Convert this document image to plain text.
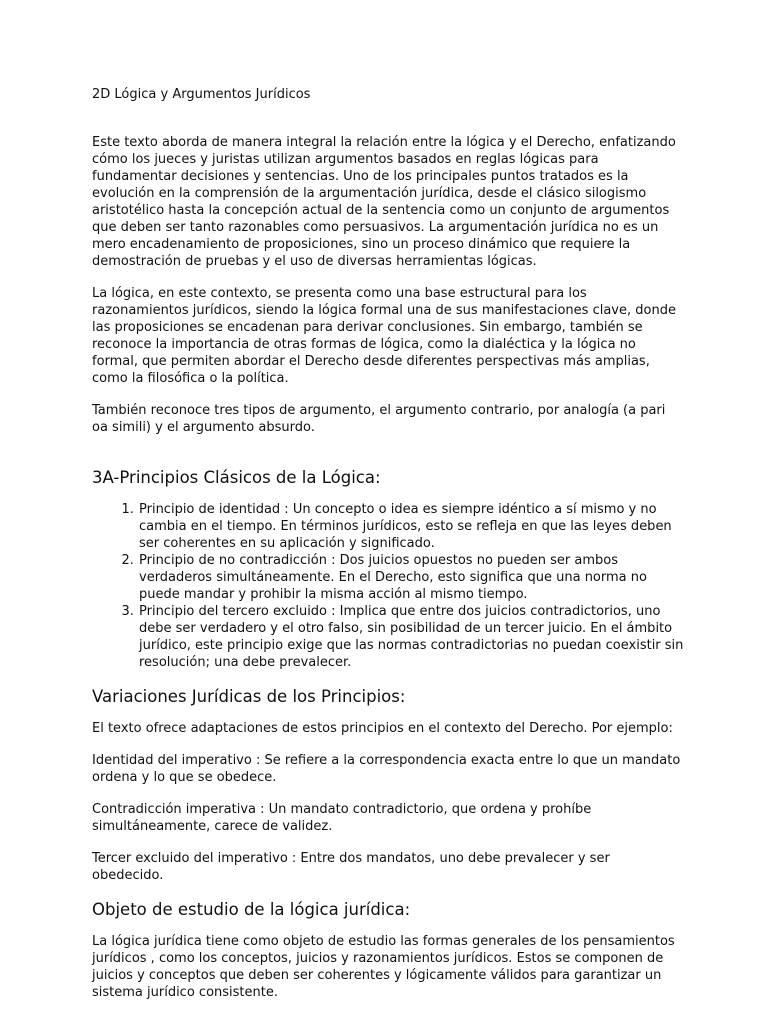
2D Lógica y Argumentos Jurídicos

Este texto aborda de manera integral la relación entre la lógica y el Derecho, enfatizando cómo los jueces y juristas utilizan argumentos basados en reglas lógicas para fundamentar decisiones y sentencias. Uno de los principales puntos tratados es la evolución en la comprensión de la argumentación jurídica, desde el clásico silogismo aristotélico hasta la concepción actual de la sentencia como un conjunto de argumentos que deben ser tanto razonables como persuasivos. La argumentación jurídica no es un mero encadenamiento de proposiciones, sino un proceso dinámico que requiere la demostración de pruebas y el uso de diversas herramientas lógicas.

La lógica, en este contexto, se presenta como una base estructural para los razonamientos jurídicos, siendo la lógica formal una de sus manifestaciones clave, donde las proposiciones se encadenan para derivar conclusiones. Sin embargo, también se reconoce la importancia de otras formas de lógica, como la dialéctica y la lógica no formal, que permiten abordar el Derecho desde diferentes perspectivas más amplias, como la filosófica o la política.

También reconoce tres tipos de argumento, el argumento contrario, por analogía (a pari oa simili) y el argumento absurdo.

3A-Principios Clásicos de la Lógica:
1. Principio de identidad : Un concepto o idea es siempre idéntico a sí mismo y no cambia en el tiempo. En términos jurídicos, esto se refleja en que las leyes deben ser coherentes en su aplicación y significado.
2. Principio de no contradicción : Dos juicios opuestos no pueden ser ambos verdaderos simultáneamente. En el Derecho, esto significa que una norma no puede mandar y prohibir la misma acción al mismo tiempo.
3. Principio del tercero excluido : Implica que entre dos juicios contradictorios, uno debe ser verdadero y el otro falso, sin posibilidad de un tercer juicio. En el ámbito jurídico, este principio exige que las normas contradictorias no puedan coexistir sin resolución; una debe prevalecer.
Variaciones Jurídicas de los Principios:

El texto ofrece adaptaciones de estos principios en el contexto del Derecho. Por ejemplo:

Identidad del imperativo : Se refiere a la correspondencia exacta entre lo que un mandato ordena y lo que se obedece.

Contradicción imperativa : Un mandato contradictorio, que ordena y prohíbe simultáneamente, carece de validez.

Tercer excluido del imperativo : Entre dos mandatos, uno debe prevalecer y ser obedecido.

Objeto de estudio de la lógica jurídica:

La lógica jurídica tiene como objeto de estudio las formas generales de los pensamientos jurídicos , como los conceptos, juicios y razonamientos jurídicos. Estos se componen de juicios y conceptos que deben ser coherentes y lógicamente válidos para garantizar un sistema jurídico consistente.
